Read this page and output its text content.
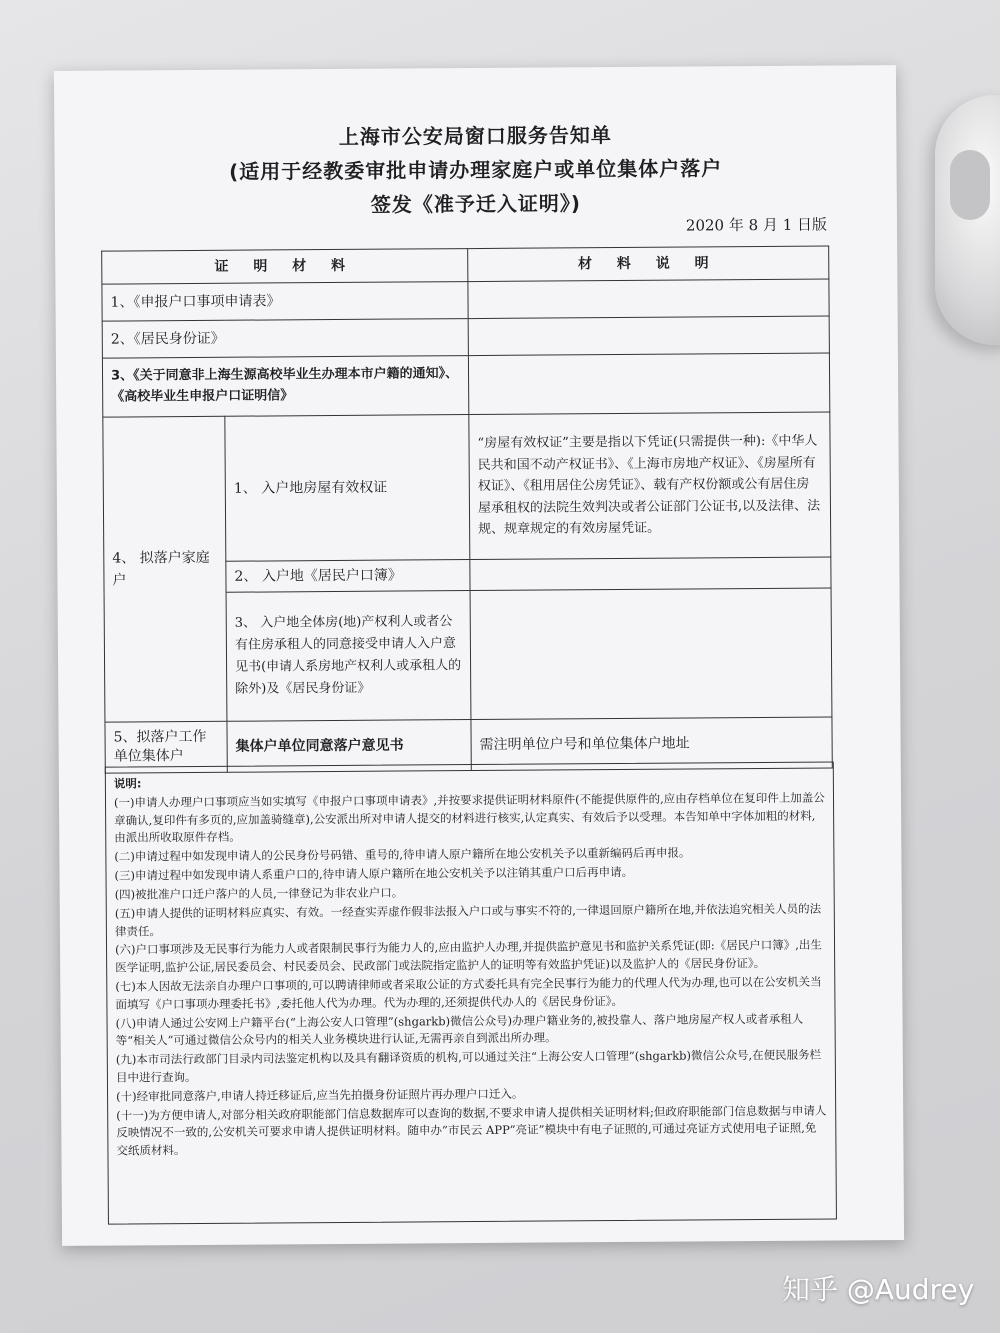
上海市公安局窗口服务告知单
(适用于经教委审批申请办理家庭户或单位集体户落户
签发《准予迁入证明》)
2020 年 8 月 1 日版
证 明 材 料		材 料 说 明
1、《申报户口事项申请表》		
2、《居民身份证》		
3、《关于同意非上海生源高校毕业生办理本市户籍的通知》、《高校毕业生申报户口证明信》		
4、 拟落户家庭户	1、 入户地房屋有效权证	“房屋有效权证”主要是指以下凭证(只需提供一种):《中华人民共和国不动产权证书》、《上海市房地产权证》、《房屋所有权证》、《租用居住公房凭证》、载有产权份额或公有居住房屋承租权的法院生效判决或者公证部门公证书,以及法律、法规、规章规定的有效房屋凭证。
	2、 入户地《居民户口簿》	
	3、 入户地全体房(地)产权利人或者公有住房承租人的同意接受申请人入户意见书(申请人系房地产权利人或承租人的除外)及《居民身份证》	
5、拟落户工作单位集体户	集体户单位同意落户意见书	需注明单位户号和单位集体户地址

说明:

(一)申请人办理户口事项应当如实填写《申报户口事项申请表》,并按要求提供证明材料原件(不能提供原件的,应由存档单位在复印件上加盖公章确认,复印件有多页的,应加盖骑缝章),公安派出所对申请人提交的材料进行核实,认定真实、有效后予以受理。本告知单中字体加粗的材料,由派出所收取原件存档。

(二)申请过程中如发现申请人的公民身份号码错、重号的,待申请人原户籍所在地公安机关予以重新编码后再申报。

(三)申请过程中如发现申请人系重户口的,待申请人原户籍所在地公安机关予以注销其重户口后再申请。

(四)被批准户口迁户落户的人员,一律登记为非农业户口。

(五)申请人提供的证明材料应真实、有效。一经查实弄虚作假非法报入户口或与事实不符的,一律退回原户籍所在地,并依法追究相关人员的法律责任。

(六)户口事项涉及无民事行为能力人或者限制民事行为能力人的,应由监护人办理,并提供监护意见书和监护关系凭证(即:《居民户口簿》,出生医学证明,监护公证,居民委员会、村民委员会、民政部门或法院指定监护人的证明等有效监护凭证)以及监护人的《居民身份证》。

(七)本人因故无法亲自办理户口事项的,可以聘请律师或者采取公证的方式委托具有完全民事行为能力的代理人代为办理,也可以在公安机关当面填写《户口事项办理委托书》,委托他人代为办理。代为办理的,还须提供代办人的《居民身份证》。

(八)申请人通过公安网上户籍平台(“上海公安人口管理”(shgarkb)微信公众号)办理户籍业务的,被投靠人、落户地房屋产权人或者承租人等“相关人”可通过微信公众号内的相关人业务模块进行认证,无需再亲自到派出所办理。

(九)本市司法行政部门目录内司法鉴定机构以及具有翻译资质的机构,可以通过关注“上海公安人口管理”(shgarkb)微信公众号,在便民服务栏目中进行查询。

(十)经审批同意落户,申请人持迁移证后,应当先拍摄身份证照片再办理户口迁入。

(十一)为方便申请人,对部分相关政府职能部门信息数据库可以查询的数据,不要求申请人提供相关证明材料;但政府职能部门信息数据与申请人反映情况不一致的,公安机关可要求申请人提供证明材料。随申办”市民云 APP”亮证”模块中有电子证照的,可通过亮证方式使用电子证照,免交纸质材料。

知乎 @Audrey
